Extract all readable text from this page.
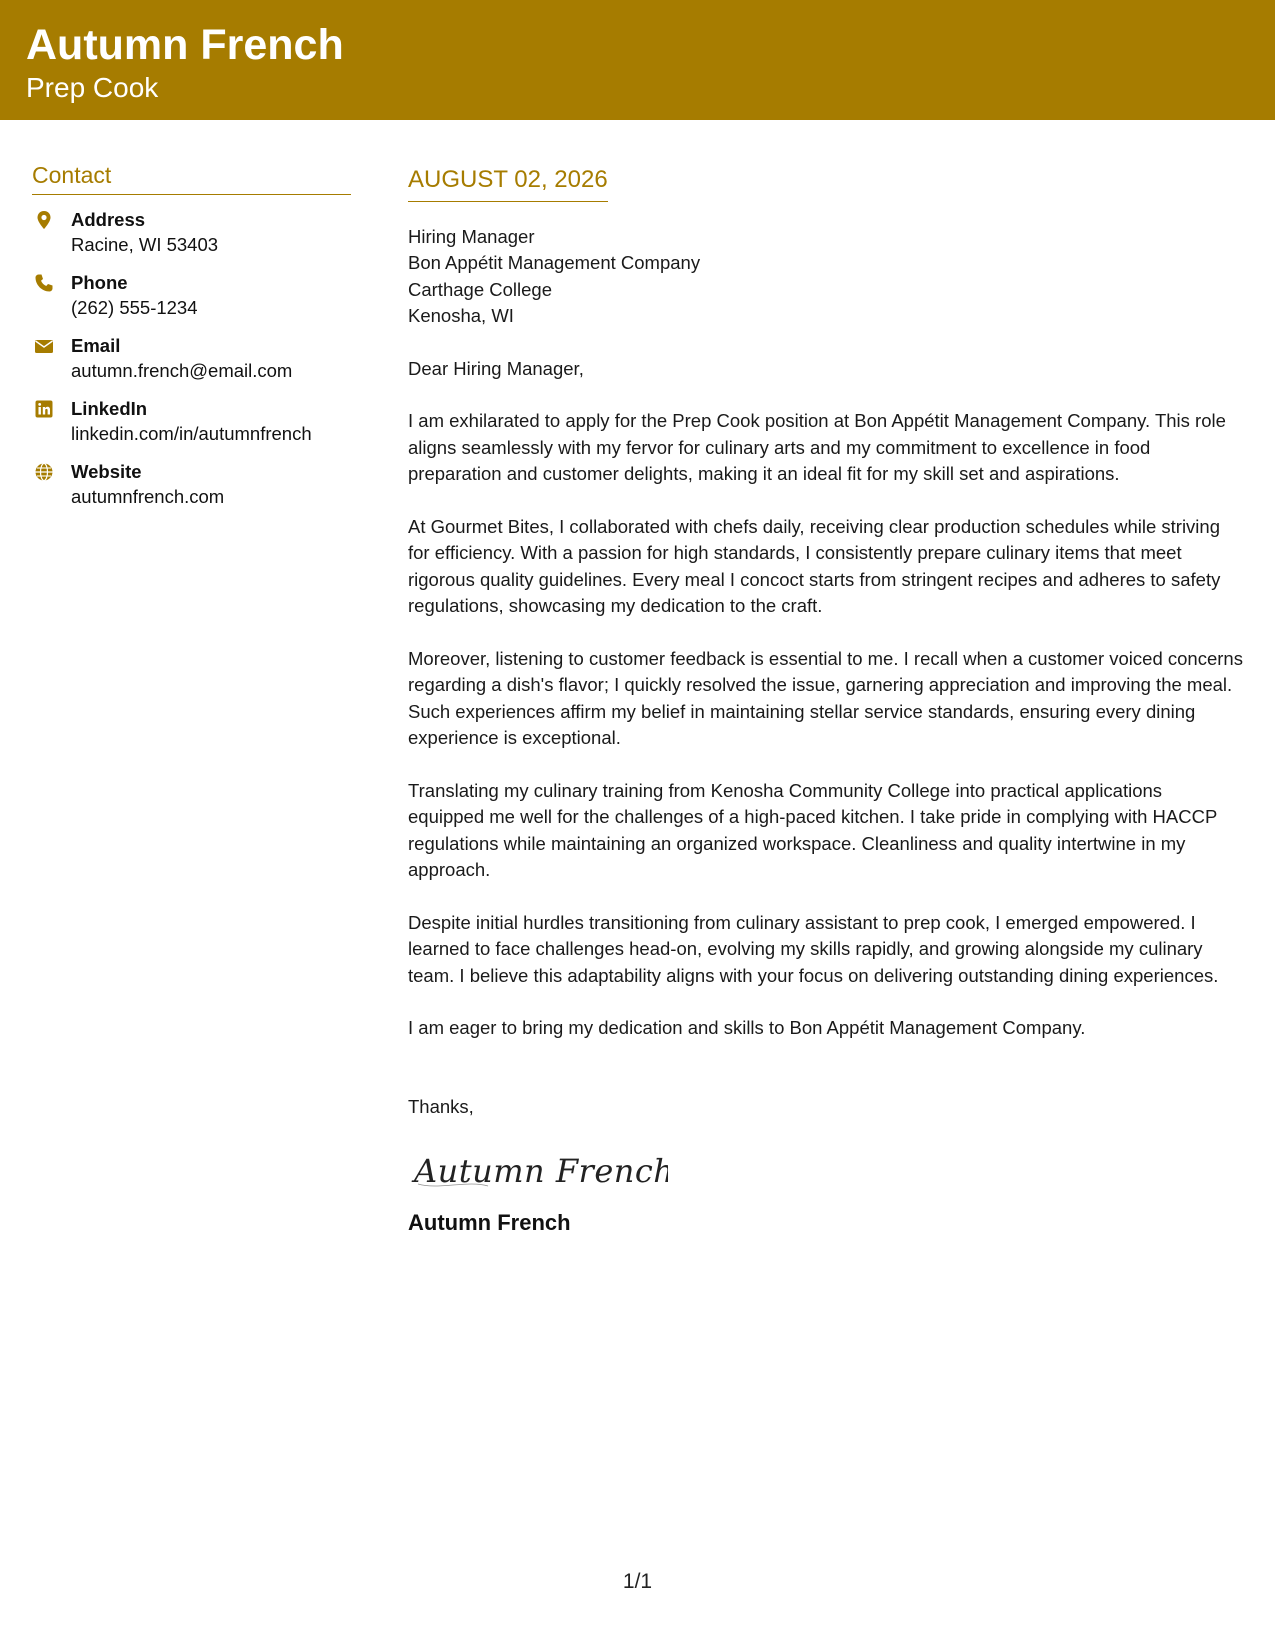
Autumn French
Prep Cook
Contact
Address
Racine, WI 53403
Phone
(262) 555-1234
Email
autumn.french@email.com
LinkedIn
linkedin.com/in/autumnfrench
Website
autumnfrench.com
AUGUST 02, 2026
Hiring Manager
Bon Appétit Management Company
Carthage College
Kenosha, WI
Dear Hiring Manager,
I am exhilarated to apply for the Prep Cook position at Bon Appétit Management Company. This role aligns seamlessly with my fervor for culinary arts and my commitment to excellence in food preparation and customer delights, making it an ideal fit for my skill set and aspirations.
At Gourmet Bites, I collaborated with chefs daily, receiving clear production schedules while striving for efficiency. With a passion for high standards, I consistently prepare culinary items that meet rigorous quality guidelines. Every meal I concoct starts from stringent recipes and adheres to safety regulations, showcasing my dedication to the craft.
Moreover, listening to customer feedback is essential to me. I recall when a customer voiced concerns regarding a dish's flavor; I quickly resolved the issue, garnering appreciation and improving the meal. Such experiences affirm my belief in maintaining stellar service standards, ensuring every dining experience is exceptional.
Translating my culinary training from Kenosha Community College into practical applications equipped me well for the challenges of a high-paced kitchen. I take pride in complying with HACCP regulations while maintaining an organized workspace. Cleanliness and quality intertwine in my approach.
Despite initial hurdles transitioning from culinary assistant to prep cook, I emerged empowered. I learned to face challenges head-on, evolving my skills rapidly, and growing alongside my culinary team. I believe this adaptability aligns with your focus on delivering outstanding dining experiences.
I am eager to bring my dedication and skills to Bon Appétit Management Company.
Thanks,
Autumn French
Autumn French
1/1
